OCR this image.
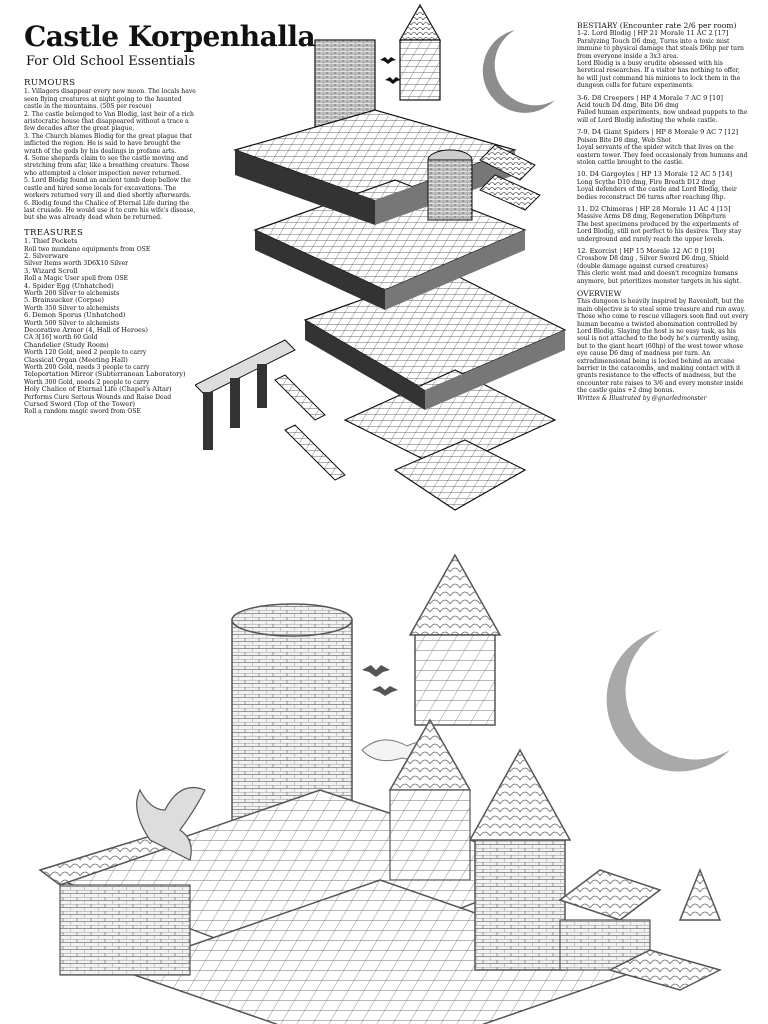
Castle Korpenhalla
For Old School Essentials
RUMOURS

1. Villagers disappear every new moon. The locals have seen flying creatures at night going to the haunted castle in the mountains. (50S per rescue)

2. The castle belonged to Van Blodig, last heir of a rich aristocratic house that disappeared without a trace a few decades after the great plague.

3. The Church blames Blodig for the great plague that inflicted the region. He is said to have brought the wrath of the gods by his dealings in profane arts.

4. Some shepards claim to see the castle moving and stretching from afar, like a breathing creature. Those who attempted a closer inspection never returned.

5. Lord Blodig found an ancient tomb deep bellow the castle and hired some locals for excavations. The workers returned very ill and died shortly afterwards.

6. Blodig found the Chalice of Eternal Life during the last crusade. He would use it to cure his wife's disease, but she was already dead when he returned.

TREASURES

1. Thief Pockets

Roll two mundane equipments from OSE

2. Silverware

Silver Items worth 3D6X10 Silver

3. Wizard Scroll

Roll a Magic User spell from OSE

4. Spider Egg (Unhatched)

Worth 200 Silver to alchemists

5. Brainsucker (Corpse)

Worth 350 Silver to alchemists

6. Demon Sporus (Unhatched)

Worth 500 Silver to alchemists

Decorative Armor (4, Hall of Heroes)

CA 3[16] worth 60 Gold

Chandelier (Study Room)

Worth 120 Gold, need 2 people to carry

Classical Organ (Meeting Hall)

Worth 200 Gold, needs 3 people to carry

Teleportation Mirror (Subterranean Laboratory)

Worth 300 Gold, needs 2 people to carry

Holy Chalice of Eternal Life (Chapel's Altar)

Performs Cure Serious Wounds and Raise Dead

Cursed Sword (Top of the Tower)

Roll a random magic sword from OSE

BESTIARY (Encounter rate 2/6 per room)
1-2. Lord Blodig | HP 21 Morale 11 AC 2 [17]
Paralyzing Touch D6 dmg, Turns into a toxic mist immune to physical damage that steals D6hp per turn from everyone inside a 3x3 area.
Lord Blodig is a busy erudite obsessed with his heretical researches. If a visitor has nothing to offer, he will just command his minions to lock them in the dungeon cells for future experiments.
3-6. D8 Creepers | HP 4 Morale 7 AC 9 [10]
Acid touch D4 dmg, Bite D6 dmg
Failed human experiments, now undead puppets to the will of Lord Blodig infesting the whole castle.
7-9. D4 Giant Spiders | HP 8 Morale 9 AC 7 [12]
Poison Bite D8 dmg, Web Shot
Loyal servants of the spider witch that lives on the eastern tower. They feed occasionaly from humans and stolen cattle brought to the castle.
10. D4 Gargoyles | HP 13 Morale 12 AC 5 [14]
Long Scythe D10 dmg, Fire Breath D12 dmg
Loyal defenders of the castle and Lord Blodig, their bodies reconstruct D6 turns after reaching 0hp.
11. D2 Chimeras | HP 28 Morale 11 AC 4 [15]
Massive Arms D8 dmg, Regeneration D6hp/turn
The best specimens produced by the experiments of Lord Blodig, still not perfect to his desires. They stay underground and rarely reach the upper levels.
12. Exorcist | HP 15 Morale 12 AC 0 [19]
Crossbow D8 dmg , Silver Sword D6 dmg, Shield (double damage against cursed creatures)
This cleric went mad and doesn't recognize humans anymore, but prioritizes monster targets in his sight.
OVERVIEW
This dungeon is heavily inspired by Ravenloft, but the main objective is to steal some treasure and run away. Those who come to rescue villagers soon find out every human became a twisted abomination controlled by Lord Blodig. Slaying the host is no easy task, as his soul is not attached to the body he's currently using, but to the giant heart (60hp) of the west tower whose eye cause D6 dmg of madness per turn. An extradimensional being is locked behind an arcane barrier in the catacombs, and making contact with it grants resistance to the effects of madness, but the encounter rate raises to 3/6 and every monster inside the castle gains +2 dmg bonus.
Written & Illustrated by @gnarledmonster
